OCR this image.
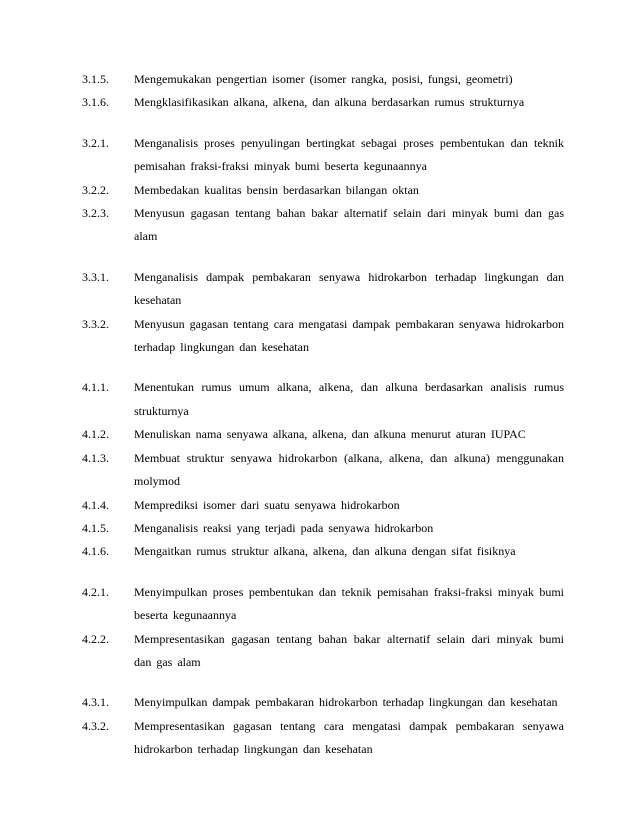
3.1.5.	Mengemukakan pengertian isomer (isomer rangka, posisi, fungsi, geometri)
3.1.6.	Mengklasifikasikan alkana, alkena, dan alkuna berdasarkan rumus strukturnya
3.2.1.	Menganalisis proses penyulingan bertingkat sebagai proses pembentukan dan teknik pemisahan fraksi-fraksi minyak bumi beserta kegunaannya
3.2.2.	Membedakan kualitas bensin berdasarkan bilangan oktan
3.2.3.	Menyusun gagasan tentang bahan bakar alternatif selain dari minyak bumi dan gas alam
3.3.1.	Menganalisis dampak pembakaran senyawa hidrokarbon terhadap lingkungan dan kesehatan
3.3.2.	Menyusun gagasan tentang cara mengatasi dampak pembakaran senyawa hidrokarbon terhadap lingkungan dan kesehatan
4.1.1.	Menentukan rumus umum alkana, alkena, dan alkuna berdasarkan analisis rumus strukturnya
4.1.2.	Menuliskan nama senyawa alkana, alkena, dan alkuna menurut aturan IUPAC
4.1.3.	Membuat struktur senyawa hidrokarbon (alkana, alkena, dan alkuna) menggunakan molymod
4.1.4.	Memprediksi isomer dari suatu senyawa hidrokarbon
4.1.5.	Menganalisis reaksi yang terjadi pada senyawa hidrokarbon
4.1.6.	Mengaitkan rumus struktur alkana, alkena, dan alkuna dengan sifat fisiknya
4.2.1.	Menyimpulkan proses pembentukan dan teknik pemisahan fraksi-fraksi minyak bumi beserta kegunaannya
4.2.2.	Mempresentasikan gagasan tentang bahan bakar alternatif selain dari minyak bumi dan gas alam
4.3.1.	Menyimpulkan dampak pembakaran hidrokarbon terhadap lingkungan dan kesehatan
4.3.2.	Mempresentasikan gagasan tentang cara mengatasi dampak pembakaran senyawa hidrokarbon terhadap lingkungan dan kesehatan
